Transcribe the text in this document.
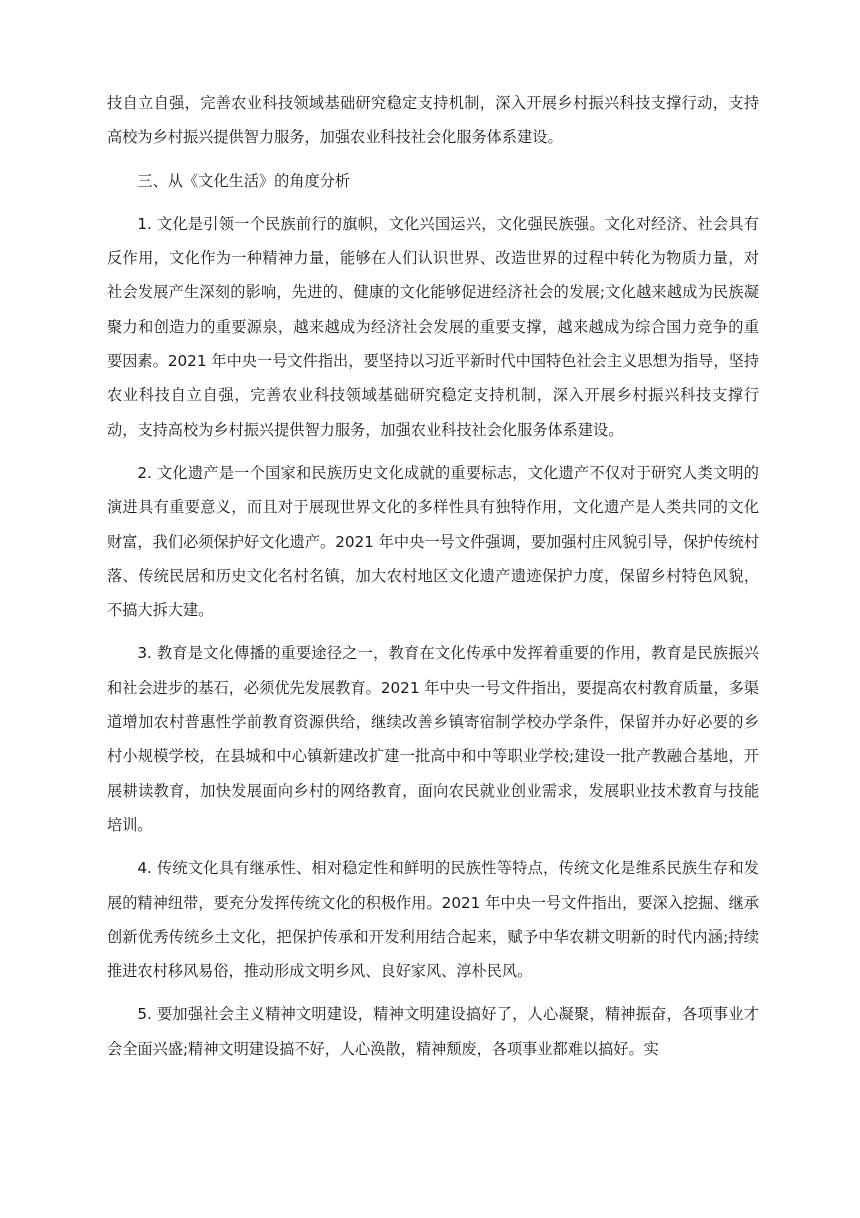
技自立自强，完善农业科技领域基础研究稳定支持机制，深入开展乡村振兴科技支撑行动，支持高校为乡村振兴提供智力服务，加强农业科技社会化服务体系建设。

三、从《文化生活》的角度分析

1. 文化是引领一个民族前行的旗帜，文化兴国运兴，文化强民族强。文化对经济、社会具有反作用，文化作为一种精神力量，能够在人们认识世界、改造世界的过程中转化为物质力量，对社会发展产生深刻的影响，先进的、健康的文化能够促进经济社会的发展;文化越来越成为民族凝聚力和创造力的重要源泉，越来越成为经济社会发展的重要支撑，越来越成为综合国力竞争的重要因素。2021 年中央一号文件指出，要坚持以习近平新时代中国特色社会主义思想为指导，坚持农业科技自立自强，完善农业科技领域基础研究稳定支持机制，深入开展乡村振兴科技支撑行动，支持高校为乡村振兴提供智力服务，加强农业科技社会化服务体系建设。

2. 文化遗产是一个国家和民族历史文化成就的重要标志，文化遗产不仅对于研究人类文明的演进具有重要意义，而且对于展现世界文化的多样性具有独特作用，文化遗产是人类共同的文化财富，我们必须保护好文化遗产。2021 年中央一号文件强调，要加强村庄风貌引导，保护传统村落、传统民居和历史文化名村名镇，加大农村地区文化遗产遗迹保护力度，保留乡村特色风貌，不搞大拆大建。

3. 教育是文化傳播的重要途径之一，教育在文化传承中发挥着重要的作用，教育是民族振兴和社会进步的基石，必须优先发展教育。2021 年中央一号文件指出，要提高农村教育质量，多渠道增加农村普惠性学前教育资源供给，继续改善乡镇寄宿制学校办学条件，保留并办好必要的乡村小规模学校，在县城和中心镇新建改扩建一批高中和中等职业学校;建设一批产教融合基地，开展耕读教育，加快发展面向乡村的网络教育，面向农民就业创业需求，发展职业技术教育与技能培训。

4. 传统文化具有继承性、相对稳定性和鲜明的民族性等特点，传统文化是维系民族生存和发展的精神纽带，要充分发挥传统文化的积极作用。2021 年中央一号文件指出，要深入挖掘、继承创新优秀传统乡土文化，把保护传承和开发利用结合起来，赋予中华农耕文明新的时代内涵;持续推进农村移风易俗，推动形成文明乡风、良好家风、淳朴民风。

5. 要加强社会主义精神文明建设，精神文明建设搞好了，人心凝聚，精神振奋，各项事业才会全面兴盛;精神文明建设搞不好，人心涣散，精神颓废，各项事业都难以搞好。实
